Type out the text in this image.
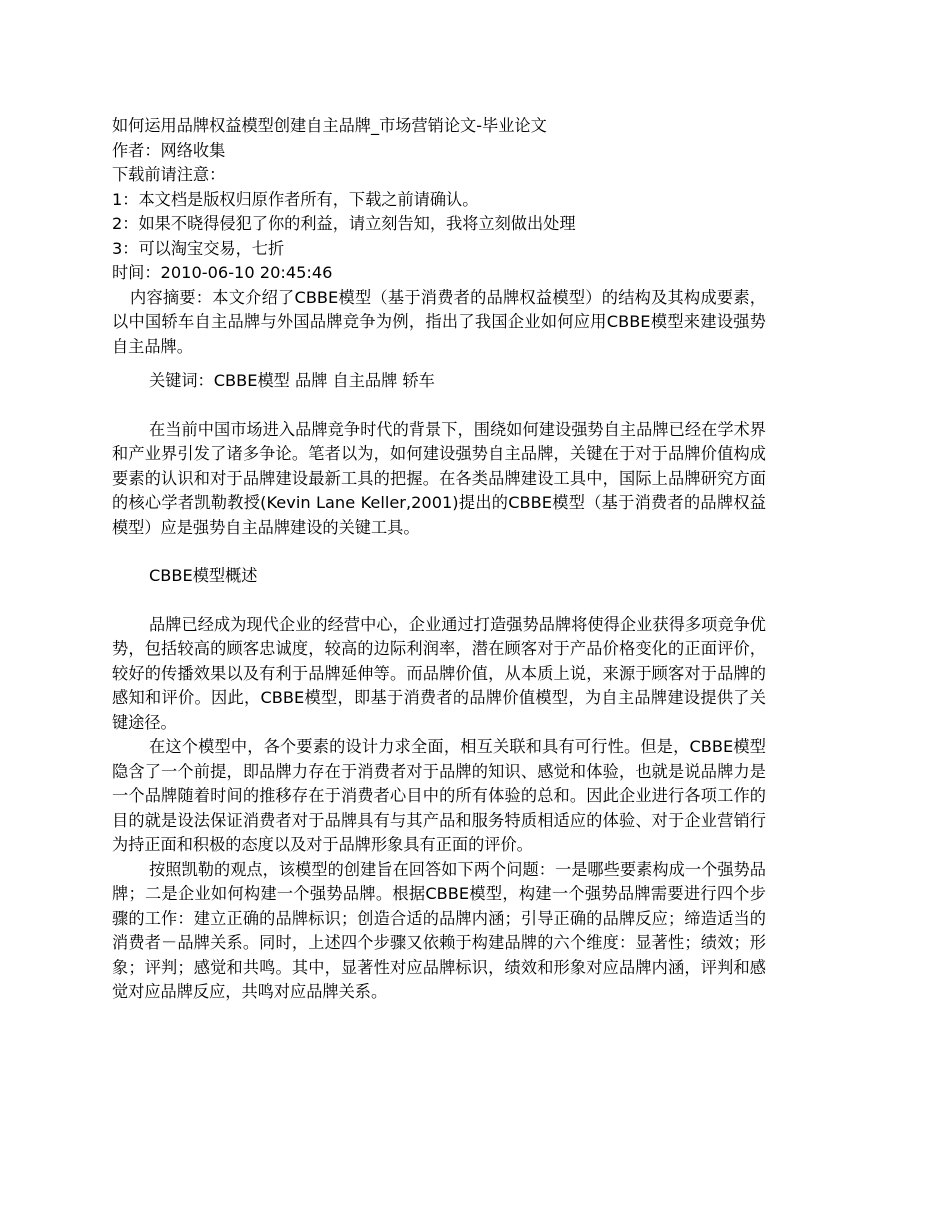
如何运用品牌权益模型创建自主品牌_市场营销论文-毕业论文

作者：网络收集

下载前请注意：

1：本文档是版权归原作者所有，下载之前请确认。

2：如果不晓得侵犯了你的利益，请立刻告知，我将立刻做出处理

3：可以淘宝交易，七折

时间：2010-06-10 20:45:46

内容摘要：本文介绍了CBBE模型（基于消费者的品牌权益模型）的结构及其构成要素，以中国轿车自主品牌与外国品牌竞争为例，指出了我国企业如何应用CBBE模型来建设强势自主品牌。

关键词：CBBE模型 品牌 自主品牌 轿车

在当前中国市场进入品牌竞争时代的背景下，围绕如何建设强势自主品牌已经在学术界和产业界引发了诸多争论。笔者以为，如何建设强势自主品牌，关键在于对于品牌价值构成要素的认识和对于品牌建设最新工具的把握。在各类品牌建设工具中，国际上品牌研究方面的核心学者凯勒教授(Kevin Lane Keller,2001)提出的CBBE模型（基于消费者的品牌权益模型）应是强势自主品牌建设的关键工具。

CBBE模型概述

品牌已经成为现代企业的经营中心，企业通过打造强势品牌将使得企业获得多项竞争优势，包括较高的顾客忠诚度，较高的边际利润率，潜在顾客对于产品价格变化的正面评价，较好的传播效果以及有利于品牌延伸等。而品牌价值，从本质上说，来源于顾客对于品牌的感知和评价。因此，CBBE模型，即基于消费者的品牌价值模型，为自主品牌建设提供了关键途径。

在这个模型中，各个要素的设计力求全面，相互关联和具有可行性。但是，CBBE模型隐含了一个前提，即品牌力存在于消费者对于品牌的知识、感觉和体验，也就是说品牌力是一个品牌随着时间的推移存在于消费者心目中的所有体验的总和。因此企业进行各项工作的目的就是设法保证消费者对于品牌具有与其产品和服务特质相适应的体验、对于企业营销行为持正面和积极的态度以及对于品牌形象具有正面的评价。

按照凯勒的观点，该模型的创建旨在回答如下两个问题：一是哪些要素构成一个强势品牌；二是企业如何构建一个强势品牌。根据CBBE模型，构建一个强势品牌需要进行四个步骤的工作：建立正确的品牌标识；创造合适的品牌内涵；引导正确的品牌反应；缔造适当的消费者－品牌关系。同时，上述四个步骤又依赖于构建品牌的六个维度：显著性；绩效；形象；评判；感觉和共鸣。其中，显著性对应品牌标识，绩效和形象对应品牌内涵，评判和感觉对应品牌反应，共鸣对应品牌关系。
